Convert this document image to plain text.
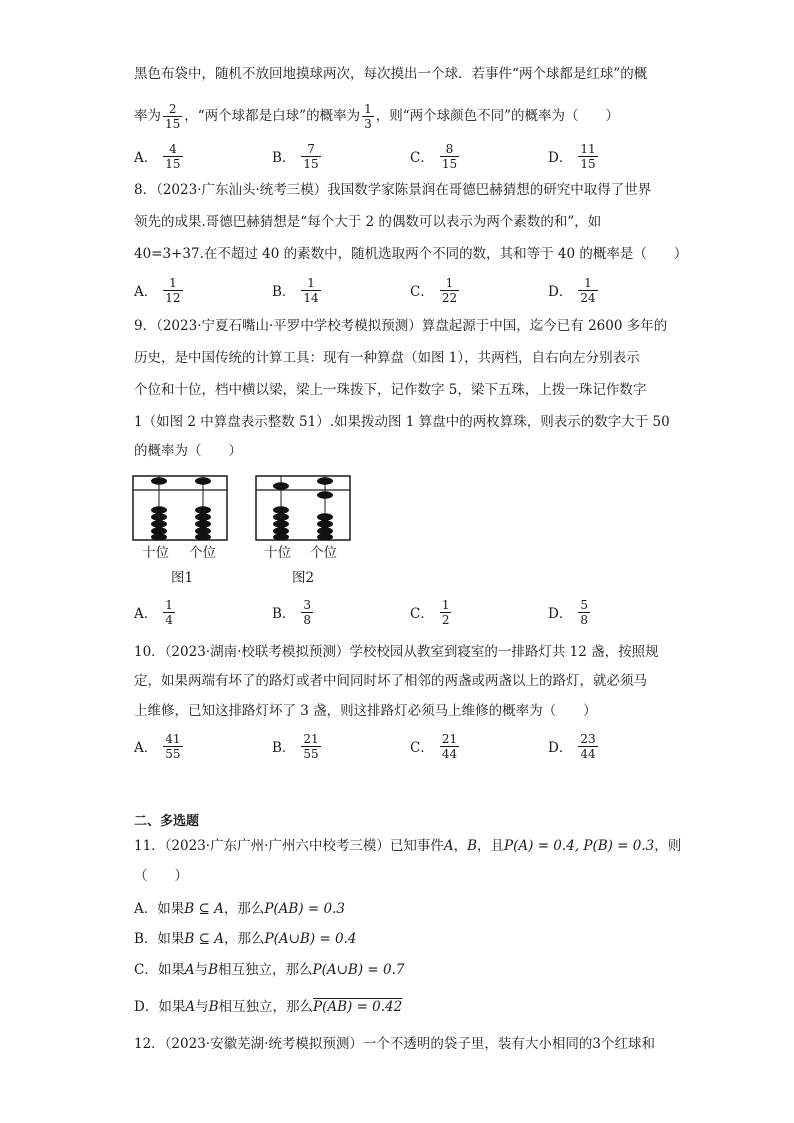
黑色布袋中，随机不放回地摸球两次，每次摸出一个球．若事件“两个球都是红球”的概
率为 $\frac{2}{15}$ ，“两个球都是白球”的概率为 $\frac{1}{3}$ ，则“两个球颜色不同”的概率为（　　）
A． $\frac{4}{15}$	B． $\frac{7}{15}$	C． $\frac{8}{15}$	D． $\frac{11}{15}$
8．（2023·广东汕头·统考三模）我国数学家陈景润在哥德巴赫猜想的研究中取得了世界
领先的成果.哥德巴赫猜想是“每个大于 2 的偶数可以表示为两个素数的和”，如
40=3+37.在不超过 40 的素数中，随机选取两个不同的数，其和等于 40 的概率是（　　）
A． $\frac{1}{12}$	B． $\frac{1}{14}$	C． $\frac{1}{22}$	D． $\frac{1}{24}$
9．（2023·宁夏石嘴山·平罗中学校考模拟预测）算盘起源于中国，迄今已有 2600 多年的
历史，是中国传统的计算工具：现有一种算盘（如图 1），共两档，自右向左分别表示
个位和十位，档中横以梁，梁上一珠拨下，记作数字 5，梁下五珠，上拨一珠记作数字
1（如图 2 中算盘表示整数 51）.如果拨动图 1 算盘中的两枚算珠，则表示的数字大于 50
的概率为（　　）
十位 个位
图1
十位 个位
图2
A． $\frac{1}{4}$	B． $\frac{3}{8}$	C． $\frac{1}{2}$	D． $\frac{5}{8}$
10．（2023·湖南·校联考模拟预测）学校校园从教室到寝室的一排路灯共 12 盏，按照规
定，如果两端有坏了的路灯或者中间同时坏了相邻的两盏或两盏以上的路灯，就必须马
上维修，已知这排路灯坏了 3 盏，则这排路灯必须马上维修的概率为（　　）
A． $\frac{41}{55}$	B． $\frac{21}{55}$	C． $\frac{21}{44}$	D． $\frac{23}{44}$
二、多选题
11．（2023·广东广州·广州六中校考三模）已知事件A，B，且P(A) = 0.4, P(B) = 0.3，则
（　　）
A．如果B ⊆ A，那么P(AB) = 0.3
B．如果B ⊆ A，那么P(A∪B) = 0.4
C．如果A与B相互独立，那么P(A∪B) = 0.7
D．如果A与B相互独立，那么P(AB) = 0.42
12．（2023·安徽芜湖·统考模拟预测）一个不透明的袋子里，装有大小相同的3个红球和
